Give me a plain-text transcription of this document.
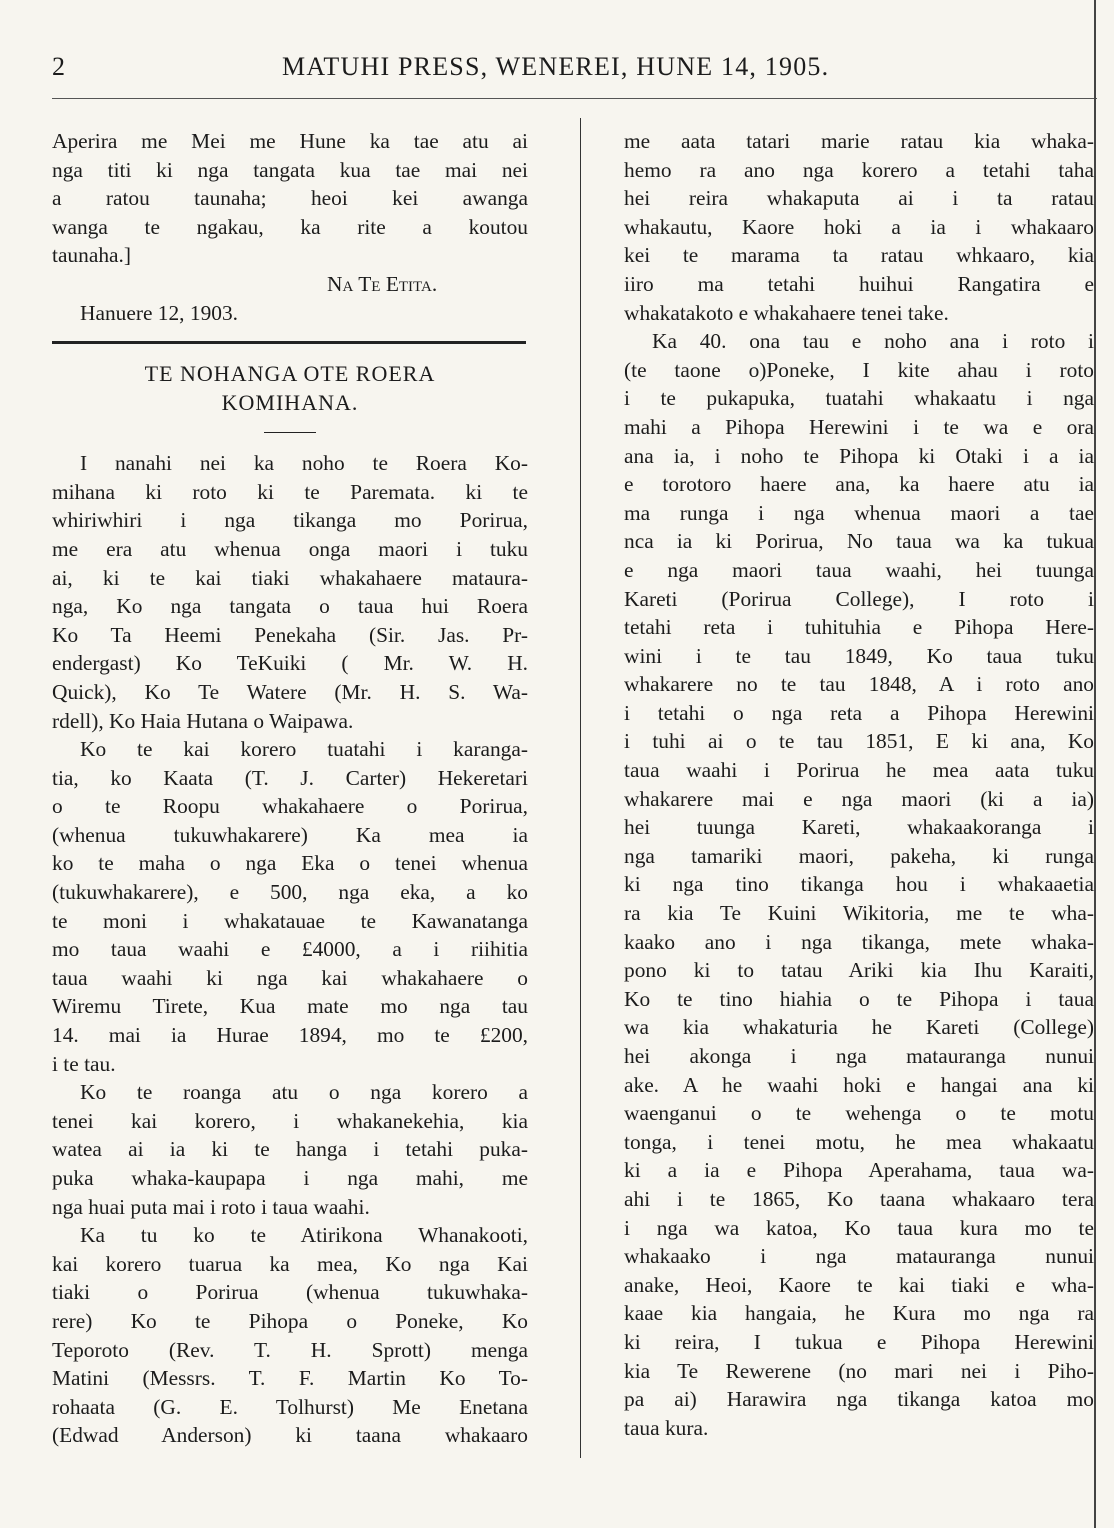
2	MATUHI PRESS, WENEREI, HUNE 14, 1905.
Aperira me Mei me Hune ka tae atu ai
nga titi ki nga tangata kua tae mai nei
a ratou taunaha; heoi kei awanga
wanga te ngakau, ka rite a koutou
taunaha.]
Na Te Etita.
Hanuere 12, 1903.
TE NOHANGA OTE ROERA
KOMIHANA.
I nanahi nei ka noho te Roera Ko-
mihana ki roto ki te Paremata. ki te
whiriwhiri i nga tikanga mo Porirua,
me era atu whenua onga maori i tuku
ai, ki te kai tiaki whakahaere mataura-
nga, Ko nga tangata o taua hui Roera
Ko Ta Heemi Penekaha (Sir. Jas. Pr-
endergast) Ko TeKuiki ( Mr. W. H.
Quick), Ko Te Watere (Mr. H. S. Wa-
rdell), Ko Haia Hutana o Waipawa.
Ko te kai korero tuatahi i karanga-
tia, ko Kaata (T. J. Carter) Hekeretari
o te Roopu whakahaere o Porirua,
(whenua tukuwhakarere) Ka mea ia
ko te maha o nga Eka o tenei whenua
(tukuwhakarere), e 500, nga eka, a ko
te moni i whakatauae te Kawanatanga
mo taua waahi e £4000, a i riihitia
taua waahi ki nga kai whakahaere o
Wiremu Tirete, Kua mate mo nga tau
14. mai ia Hurae 1894, mo te £200,
i te tau.
Ko te roanga atu o nga korero a
tenei kai korero, i whakanekehia, kia
watea ai ia ki te hanga i tetahi puka-
puka whaka-kaupapa i nga mahi, me
nga huai puta mai i roto i taua waahi.
Ka tu ko te Atirikona Whanakooti,
kai korero tuarua ka mea, Ko nga Kai
tiaki o Porirua (whenua tukuwhaka-
rere) Ko te Pihopa o Poneke, Ko
Teporoto (Rev. T. H. Sprott) menga
Matini (Messrs. T. F. Martin Ko To-
rohaata (G. E. Tolhurst) Me Enetana
(Edwad Anderson) ki taana whakaaro
me aata tatari marie ratau kia whaka-
hemo ra ano nga korero a tetahi taha
hei reira whakaputa ai i ta ratau
whakautu, Kaore hoki a ia i whakaaro
kei te marama ta ratau whkaaro, kia
iiro ma tetahi huihui Rangatira e
whakatakoto e whakahaere tenei take.
Ka 40. ona tau e noho ana i roto i
(te taone o)Poneke, I kite ahau i roto
i te pukapuka, tuatahi whakaatu i nga
mahi a Pihopa Herewini i te wa e ora
ana ia, i noho te Pihopa ki Otaki i a ia
e torotoro haere ana, ka haere atu ia
ma runga i nga whenua maori a tae
nca ia ki Porirua, No taua wa ka tukua
e nga maori taua waahi, hei tuunga
Kareti (Porirua College), I roto i
tetahi reta i tuhituhia e Pihopa Here-
wini i te tau 1849, Ko taua tuku
whakarere no te tau 1848, A i roto ano
i tetahi o nga reta a Pihopa Herewini
i tuhi ai o te tau 1851, E ki ana, Ko
taua waahi i Porirua he mea aata tuku
whakarere mai e nga maori (ki a ia)
hei tuunga Kareti, whakaakoranga i
nga tamariki maori, pakeha, ki runga
ki nga tino tikanga hou i whakaaetia
ra kia Te Kuini Wikitoria, me te wha-
kaako ano i nga tikanga, mete whaka-
pono ki to tatau Ariki kia Ihu Karaiti,
Ko te tino hiahia o te Pihopa i taua
wa kia whakaturia he Kareti (College)
hei akonga i nga matauranga nunui
ake. A he waahi hoki e hangai ana ki
waenganui o te wehenga o te motu
tonga, i tenei motu, he mea whakaatu
ki a ia e Pihopa Aperahama, taua wa-
ahi i te 1865, Ko taana whakaaro tera
i nga wa katoa, Ko taua kura mo te
whakaako i nga matauranga nunui
anake, Heoi, Kaore te kai tiaki e wha-
kaae kia hangaia, he Kura mo nga ra
ki reira, I tukua e Pihopa Herewini
kia Te Rewerene (no mari nei i Piho-
pa ai) Harawira nga tikanga katoa mo
taua kura.
